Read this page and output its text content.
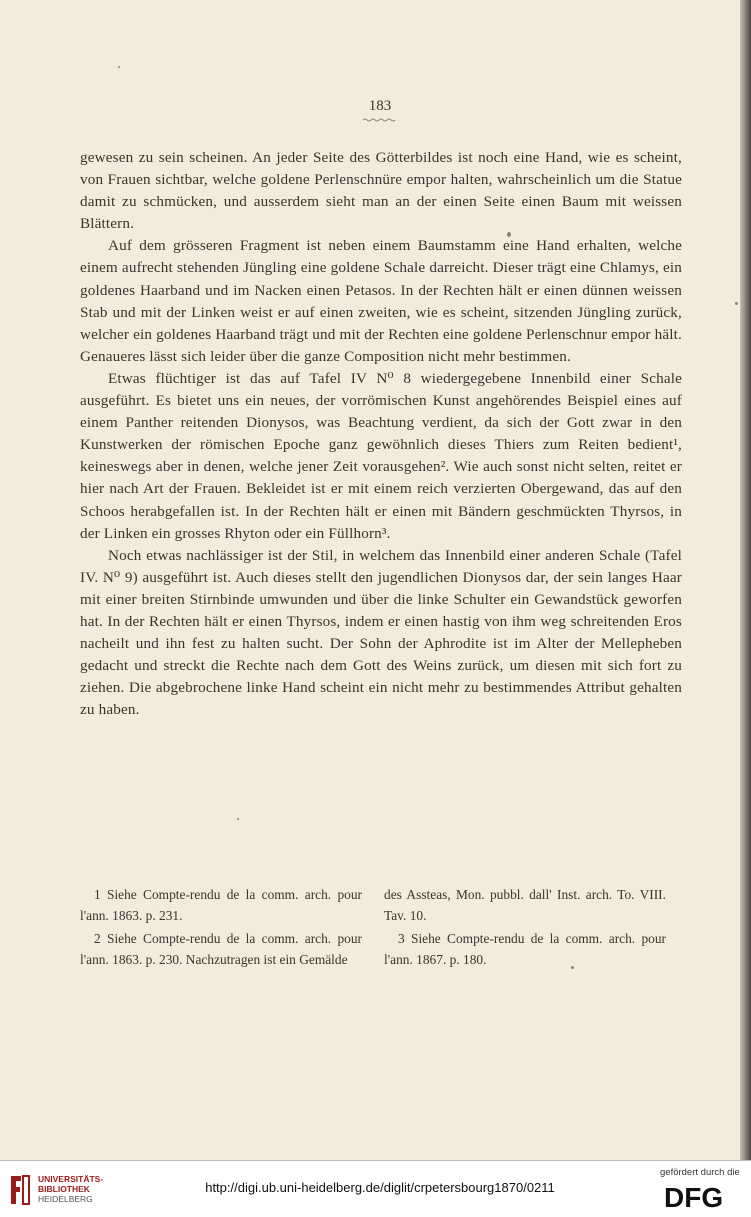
183

gewesen zu sein scheinen. An jeder Seite des Götterbildes ist noch eine Hand, wie es scheint, von Frauen sichtbar, welche goldene Perlenschnüre empor halten, wahrscheinlich um die Statue damit zu schmücken, und ausserdem sieht man an der einen Seite einen Baum mit weissen Blättern.

Auf dem grösseren Fragment ist neben einem Baumstamm eine Hand erhalten, welche einem aufrecht stehenden Jüngling eine goldene Schale darreicht. Dieser trägt eine Chlamys, ein goldenes Haarband und im Nacken einen Petasos. In der Rechten hält er einen dünnen weissen Stab und mit der Linken weist er auf einen zweiten, wie es scheint, sitzenden Jüngling zurück, welcher ein goldenes Haarband trägt und mit der Rechten eine goldene Perlenschnur empor hält. Genaueres lässt sich leider über die ganze Composition nicht mehr bestimmen.

Etwas flüchtiger ist das auf Tafel IV N⁰ 8 wiedergegebene Innenbild einer Schale ausgeführt. Es bietet uns ein neues, der vorrömischen Kunst angehörendes Beispiel eines auf einem Panther reitenden Dionysos, was Beachtung verdient, da sich der Gott zwar in den Kunstwerken der römischen Epoche ganz gewöhnlich dieses Thiers zum Reiten bedient¹, keineswegs aber in denen, welche jener Zeit vorausgehen². Wie auch sonst nicht selten, reitet er hier nach Art der Frauen. Bekleidet ist er mit einem reich verzierten Obergewand, das auf den Schoos herabgefallen ist. In der Rechten hält er einen mit Bändern geschmückten Thyrsos, in der Linken ein grosses Rhyton oder ein Füllhorn³.

Noch etwas nachlässiger ist der Stil, in welchem das Innenbild einer anderen Schale (Tafel IV. N⁰ 9) ausgeführt ist. Auch dieses stellt den jugendlichen Dionysos dar, der sein langes Haar mit einer breiten Stirnbinde umwunden und über die linke Schulter ein Gewandstück geworfen hat. In der Rechten hält er einen Thyrsos, indem er einen hastig von ihm weg schreitenden Eros nacheilt und ihn fest zu halten sucht. Der Sohn der Aphrodite ist im Alter der Mellepheben gedacht und streckt die Rechte nach dem Gott des Weins zurück, um diesen mit sich fort zu ziehen. Die abgebrochene linke Hand scheint ein nicht mehr zu bestimmendes Attribut gehalten zu haben.

1 Siehe Compte-rendu de la comm. arch. pour l'ann. 1863. p. 231.

2 Siehe Compte-rendu de la comm. arch. pour l'ann. 1863. p. 230. Nachzutragen ist ein Gemälde

des Assteas, Mon. pubbl. dall' Inst. arch. To. VIII. Tav. 10.

3 Siehe Compte-rendu de la comm. arch. pour l'ann. 1867. p. 180.

UNIVERSITÄTS-
BIBLIOTHEK
HEIDELBERG
http://digi.ub.uni-heidelberg.de/diglit/crpetersbourg1870/0211
gefördert durch die
DFG
